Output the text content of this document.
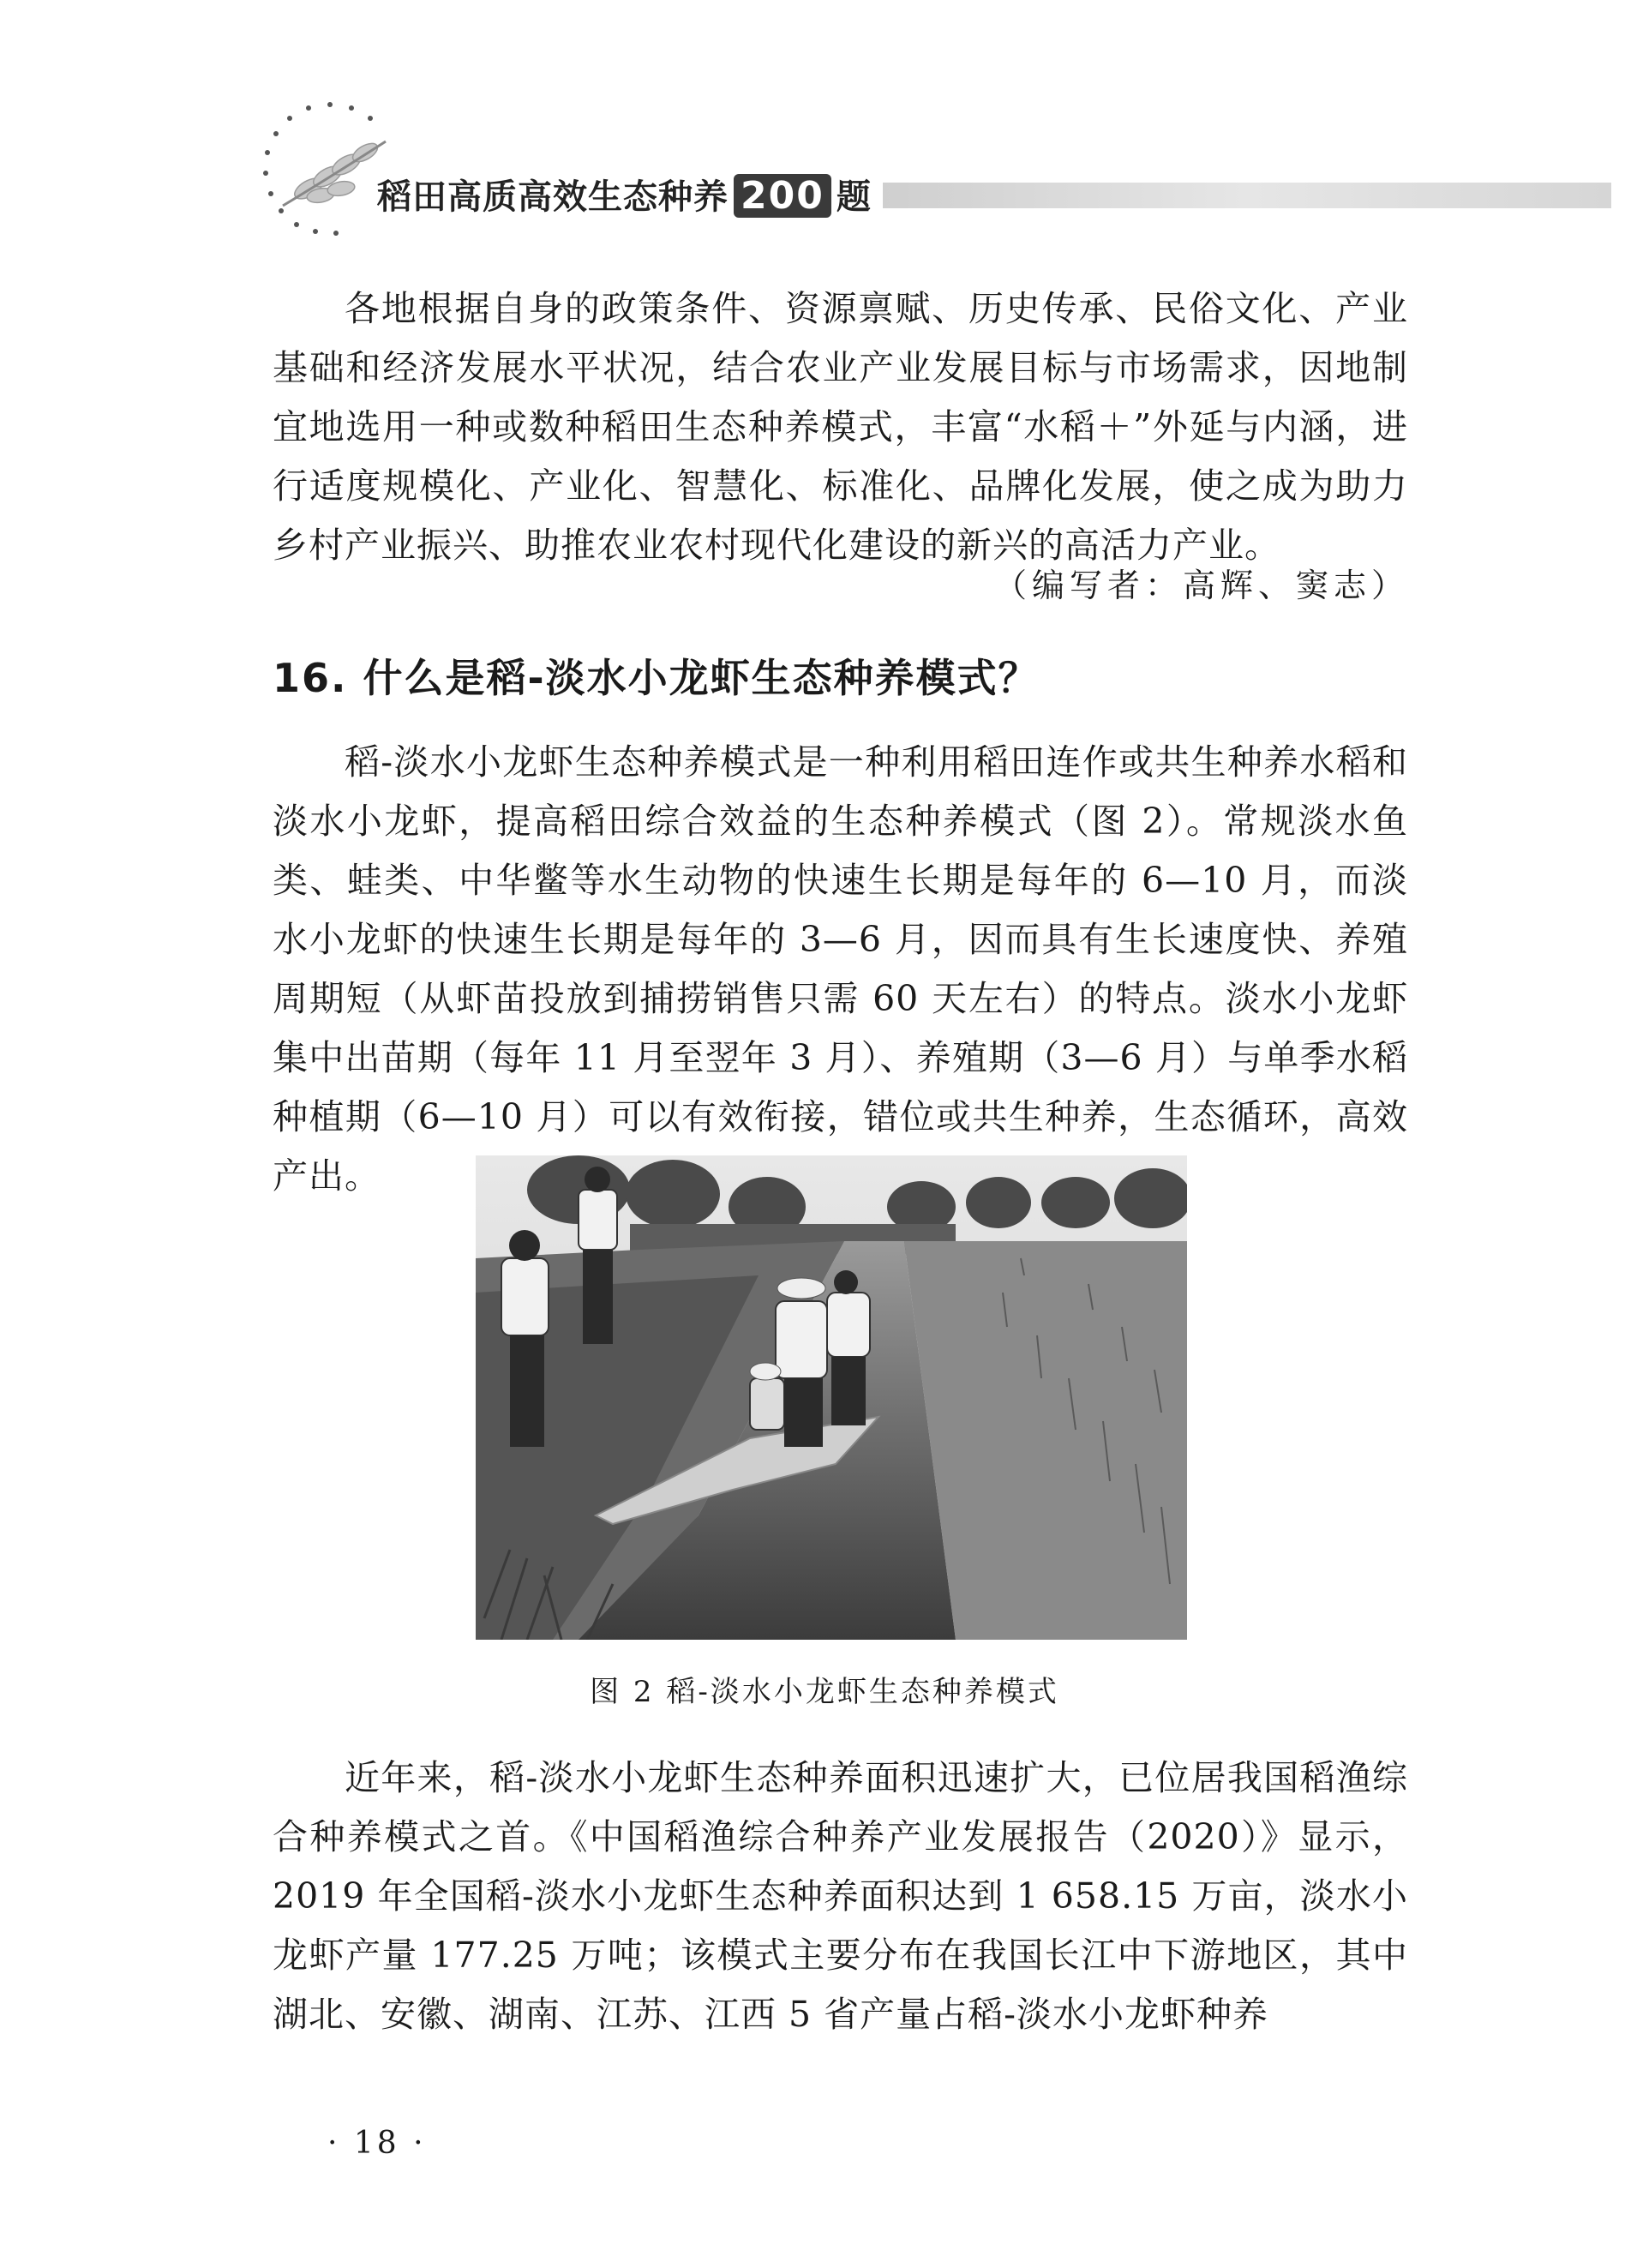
稻田高质高效生态种养 200 题
各地根据自身的政策条件、资源禀赋、历史传承、民俗文化、产业基础和经济发展水平状况，结合农业产业发展目标与市场需求，因地制宜地选用一种或数种稻田生态种养模式，丰富“水稻＋”外延与内涵，进行适度规模化、产业化、智慧化、标准化、品牌化发展，使之成为助力乡村产业振兴、助推农业农村现代化建设的新兴的高活力产业。
（编写者：高辉、窦志）
16. 什么是稻-淡水小龙虾生态种养模式？
稻-淡水小龙虾生态种养模式是一种利用稻田连作或共生种养水稻和淡水小龙虾，提高稻田综合效益的生态种养模式（图 2）。常规淡水鱼类、蛙类、中华鳖等水生动物的快速生长期是每年的 6—10 月，而淡水小龙虾的快速生长期是每年的 3—6 月，因而具有生长速度快、养殖周期短（从虾苗投放到捕捞销售只需 60 天左右）的特点。淡水小龙虾集中出苗期（每年 11 月至翌年 3 月）、养殖期（3—6 月）与单季水稻种植期（6—10 月）可以有效衔接，错位或共生种养，生态循环，高效产出。
图 2 稻-淡水小龙虾生态种养模式
近年来，稻-淡水小龙虾生态种养面积迅速扩大，已位居我国稻渔综合种养模式之首。《中国稻渔综合种养产业发展报告（2020）》显示，2019 年全国稻-淡水小龙虾生态种养面积达到 1 658.15 万亩，淡水小龙虾产量 177.25 万吨；该模式主要分布在我国长江中下游地区，其中湖北、安徽、湖南、江苏、江西 5 省产量占稻-淡水小龙虾种养
· 18 ·
